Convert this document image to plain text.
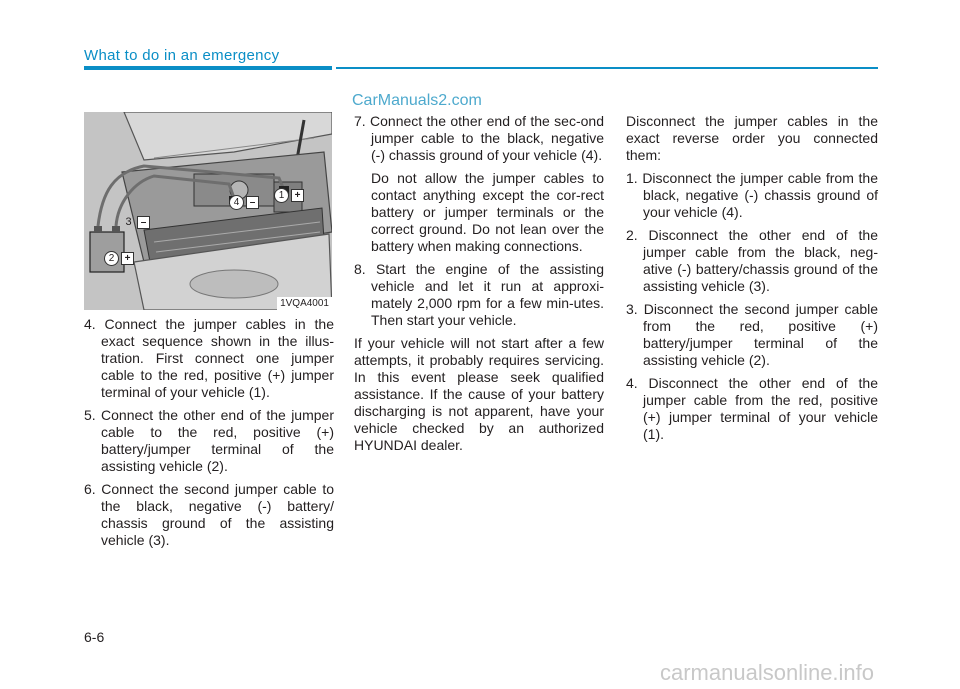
What to do in an emergency
CarManuals2.com
1	+
4	–
3 –
2	+
1VQA4001

4. Connect the jumper cables in the exact sequence shown in the illus-tration. First connect one jumper cable to the red, positive (+) jumper terminal of your vehicle (1).

5. Connect the other end of the jumper cable to the red, positive (+) battery/jumper terminal of the assisting vehicle (2).

6. Connect the second jumper cable to the black, negative (-) battery/ chassis ground of the assisting vehicle (3).

7. Connect the other end of the sec-ond jumper cable to the black, negative (-) chassis ground of your vehicle (4).

Do not allow the jumper cables to contact anything except the cor-rect battery or jumper terminals or the correct ground. Do not lean over the battery when making connections.

8. Start the engine of the assisting vehicle and let it run at approxi-mately 2,000 rpm for a few min-utes. Then start your vehicle.

If your vehicle will not start after a few attempts, it probably requires servicing. In this event please seek qualified assistance. If the cause of your battery discharging is not apparent, have your vehicle checked by an authorized HYUNDAI dealer.

Disconnect the jumper cables in the exact reverse order you connected them:

1. Disconnect the jumper cable from the black, negative (-) chassis ground of your vehicle (4).

2. Disconnect the other end of the jumper cable from the black, neg-ative (-) battery/chassis ground of the assisting vehicle (3).

3. Disconnect the second jumper cable from the red, positive (+) battery/jumper terminal of the assisting vehicle (2).

4. Disconnect the other end of the jumper cable from the red, positive (+) jumper terminal of your vehicle (1).

6-6
carmanualsonline.info
